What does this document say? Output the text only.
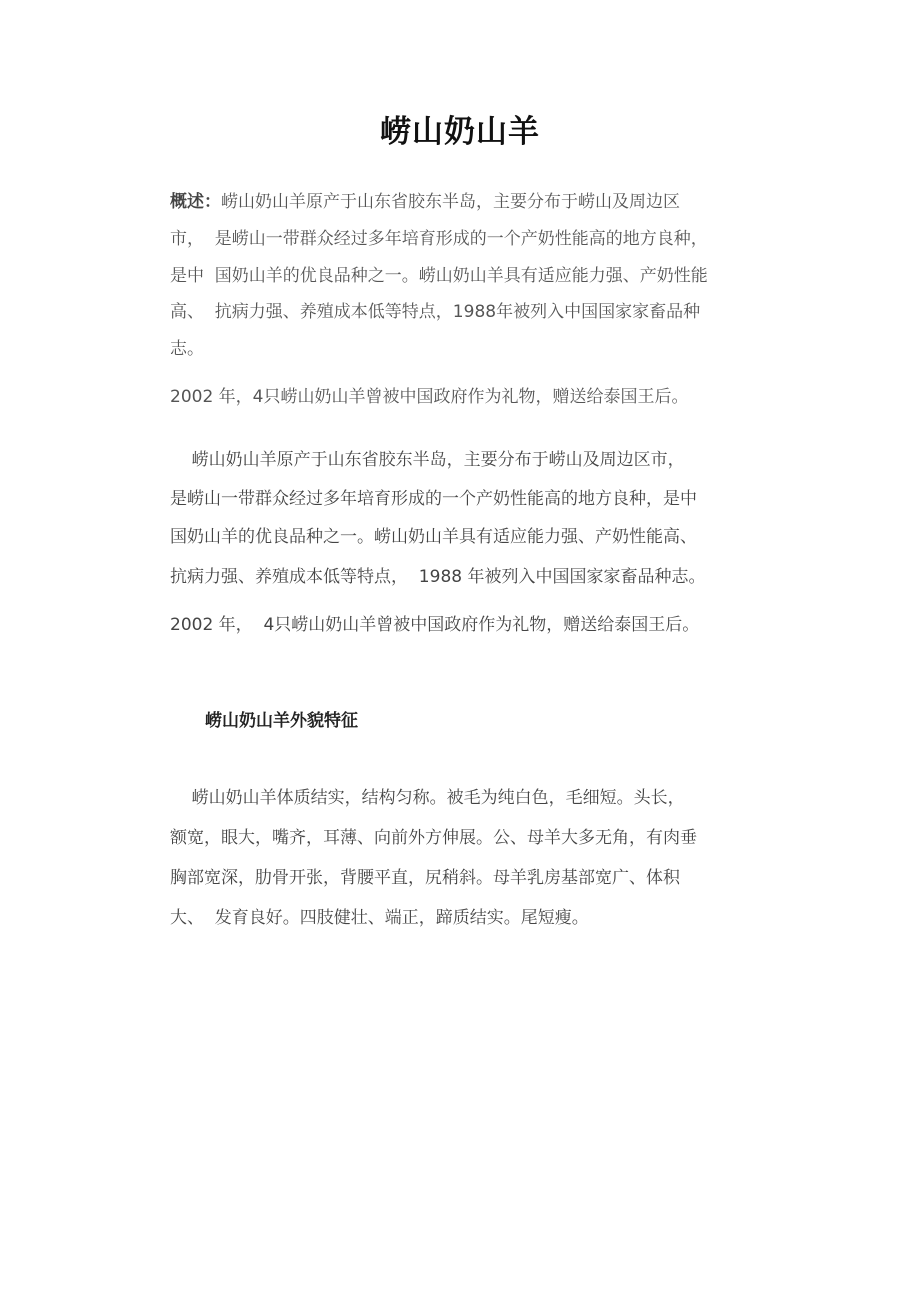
崂山奶山羊
概述：崂山奶山羊原产于山东省胶东半岛，主要分布于崂山及周边区
市，  是崂山一带群众经过多年培育形成的一个产奶性能高的地方良种，
是中  国奶山羊的优良品种之一。崂山奶山羊具有适应能力强、产奶性能
高、  抗病力强、养殖成本低等特点，1988年被列入中国国家家畜品种
志。
2002 年，4只崂山奶山羊曾被中国政府作为礼物，赠送给泰国王后。
崂山奶山羊原产于山东省胶东半岛，主要分布于崂山及周边区市，
是崂山一带群众经过多年培育形成的一个产奶性能高的地方良种，是中
国奶山羊的优良品种之一。崂山奶山羊具有适应能力强、产奶性能高、
抗病力强、养殖成本低等特点，  1988 年被列入中国国家家畜品种志。
2002 年，  4只崂山奶山羊曾被中国政府作为礼物，赠送给泰国王后。
崂山奶山羊外貌特征
崂山奶山羊体质结实，结构匀称。被毛为纯白色，毛细短。头长，
额宽，眼大，嘴齐，耳薄、向前外方伸展。公、母羊大多无角，有肉垂
胸部宽深，肋骨开张，背腰平直，尻稍斜。母羊乳房基部宽广、体积
大、  发育良好。四肢健壮、端正，蹄质结实。尾短瘦。
